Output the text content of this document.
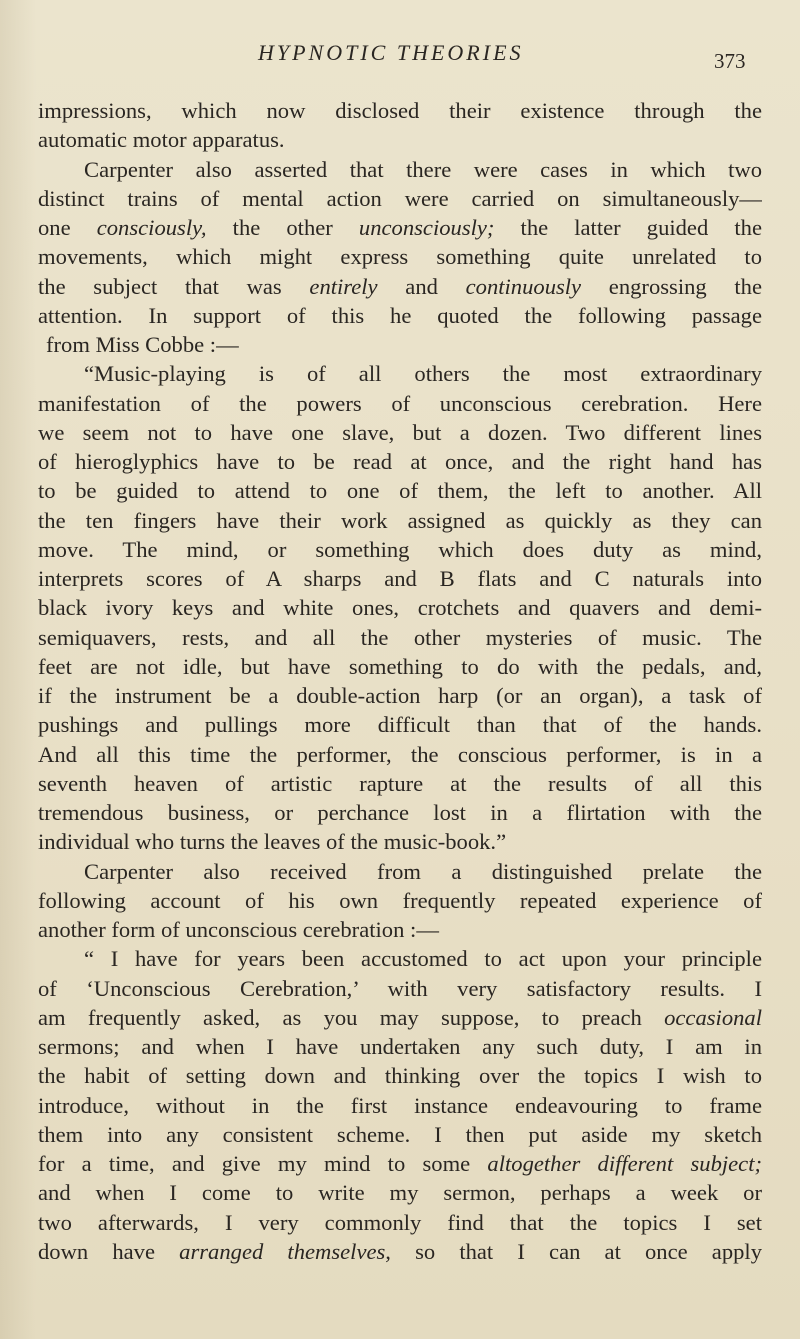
HYPNOTIC THEORIES	373
impressions, which now disclosed their existence through the
automatic motor apparatus.
Carpenter also asserted that there were cases in which two
distinct trains of mental action were carried on simultaneously—
one consciously, the other unconsciously; the latter guided the
movements, which might express something quite unrelated to
the subject that was entirely and continuously engrossing the
attention. In support of this he quoted the following passage
from Miss Cobbe :—
“Music-playing is of all others the most extraordinary
manifestation of the powers of unconscious cerebration. Here
we seem not to have one slave, but a dozen. Two different lines
of hieroglyphics have to be read at once, and the right hand has
to be guided to attend to one of them, the left to another. All
the ten fingers have their work assigned as quickly as they can
move. The mind, or something which does duty as mind,
interprets scores of A sharps and B flats and C naturals into
black ivory keys and white ones, crotchets and quavers and demi-
semiquavers, rests, and all the other mysteries of music. The
feet are not idle, but have something to do with the pedals, and,
if the instrument be a double-action harp (or an organ), a task of
pushings and pullings more difficult than that of the hands.
And all this time the performer, the conscious performer, is in a
seventh heaven of artistic rapture at the results of all this
tremendous business, or perchance lost in a flirtation with the
individual who turns the leaves of the music-book.”
Carpenter also received from a distinguished prelate the
following account of his own frequently repeated experience of
another form of unconscious cerebration :—
“ I have for years been accustomed to act upon your principle
of ‘Unconscious Cerebration,’ with very satisfactory results. I
am frequently asked, as you may suppose, to preach occasional
sermons; and when I have undertaken any such duty, I am in
the habit of setting down and thinking over the topics I wish to
introduce, without in the first instance endeavouring to frame
them into any consistent scheme. I then put aside my sketch
for a time, and give my mind to some altogether different subject;
and when I come to write my sermon, perhaps a week or
two afterwards, I very commonly find that the topics I set
down have arranged themselves, so that I can at once apply
